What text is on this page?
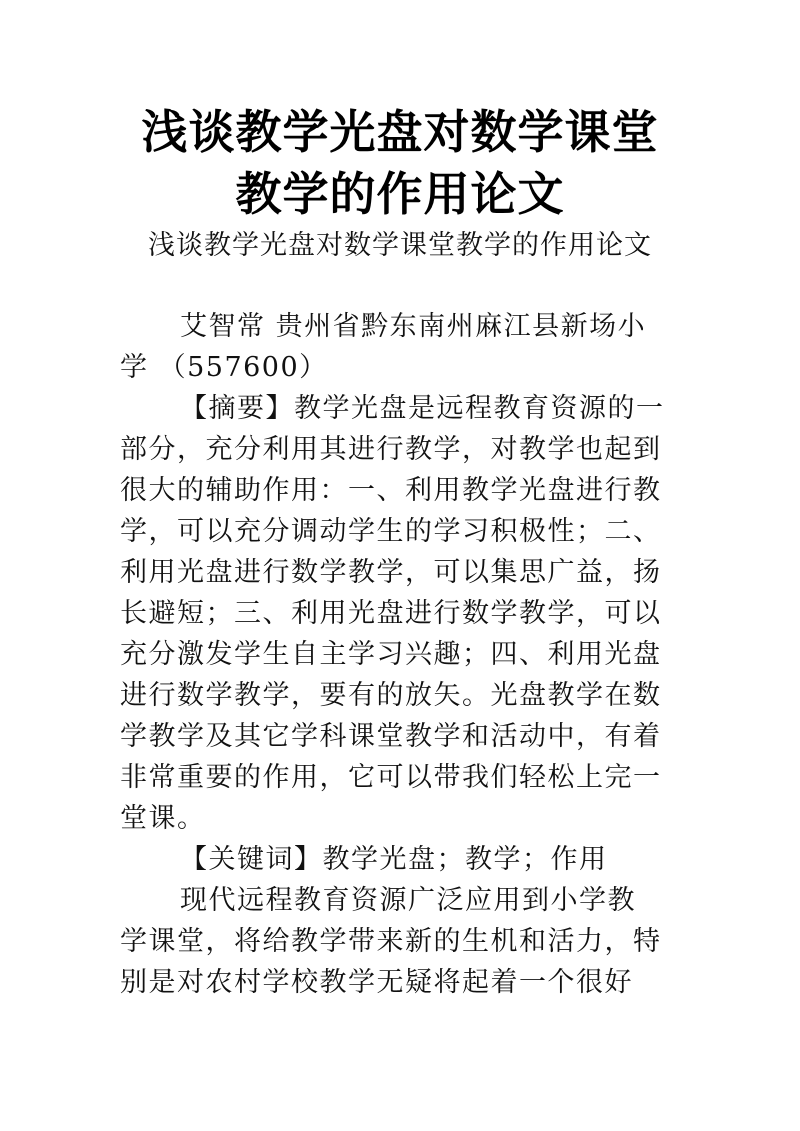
浅谈教学光盘对数学课堂
教学的作用论文
浅谈教学光盘对数学课堂教学的作用论文
艾智常 贵州省黔东南州麻江县新场小
学 （557600）
【摘要】教学光盘是远程教育资源的一
部分，充分利用其进行教学，对教学也起到
很大的辅助作用：一、利用教学光盘进行教
学，可以充分调动学生的学习积极性；二、
利用光盘进行数学教学，可以集思广益，扬
长避短；三、利用光盘进行数学教学，可以
充分激发学生自主学习兴趣；四、利用光盘
进行数学教学，要有的放矢。光盘教学在数
学教学及其它学科课堂教学和活动中，有着
非常重要的作用，它可以带我们轻松上完一
堂课。
【关键词】教学光盘；教学；作用
现代远程教育资源广泛应用到小学教
学课堂，将给教学带来新的生机和活力，特
别是对农村学校教学无疑将起着一个很好
